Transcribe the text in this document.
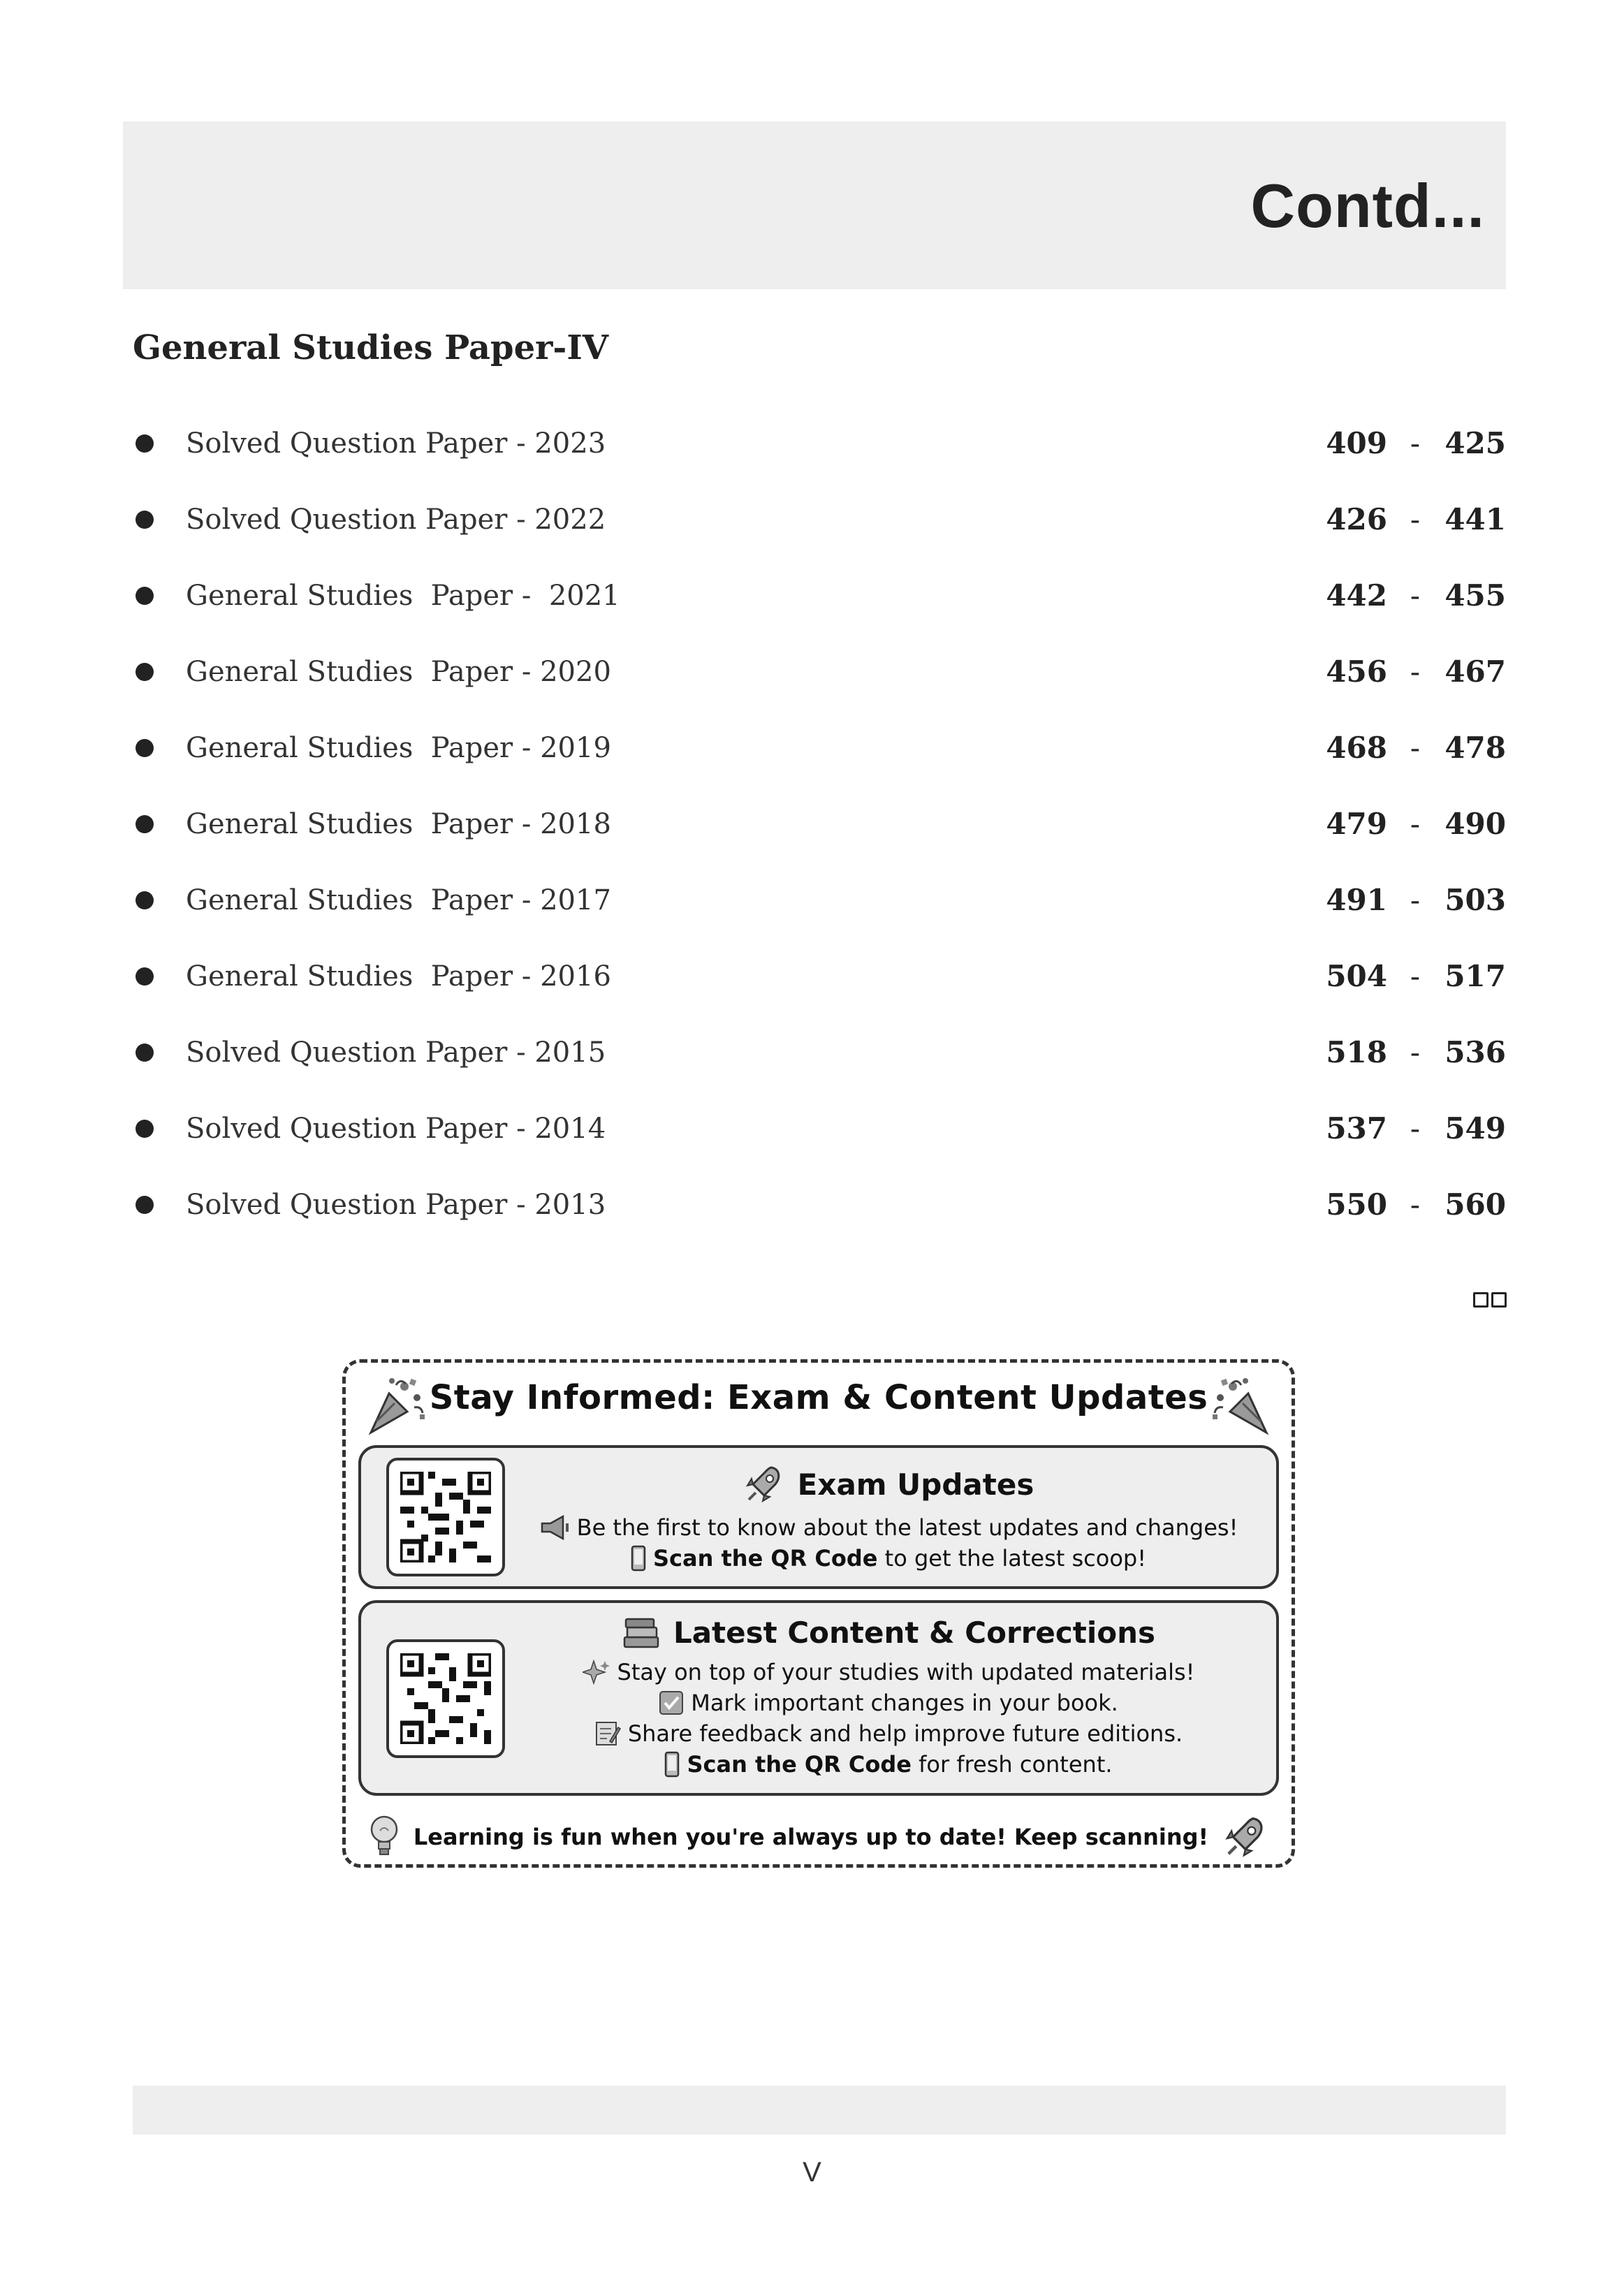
Contd...
General Studies Paper-IV
Solved Question Paper - 2023	409 - 425
Solved Question Paper - 2022	426 - 441
General Studies  Paper -  2021	442 - 455
General Studies  Paper - 2020	456 - 467
General Studies  Paper - 2019	468 - 478
General Studies  Paper - 2018	479 - 490
General Studies  Paper - 2017	491 - 503
General Studies  Paper - 2016	504 - 517
Solved Question Paper - 2015	518 - 536
Solved Question Paper - 2014	537 - 549
Solved Question Paper - 2013	550 - 560
Stay Informed: Exam & Content Updates
Exam Updates
Be the first to know about the latest updates and changes!
Scan the QR Code to get the latest scoop!
Latest Content & Corrections
Stay on top of your studies with updated materials!
Mark important changes in your book.
Share feedback and help improve future editions.
Scan the QR Code for fresh content.
Learning is fun when you're always up to date! Keep scanning!
V
